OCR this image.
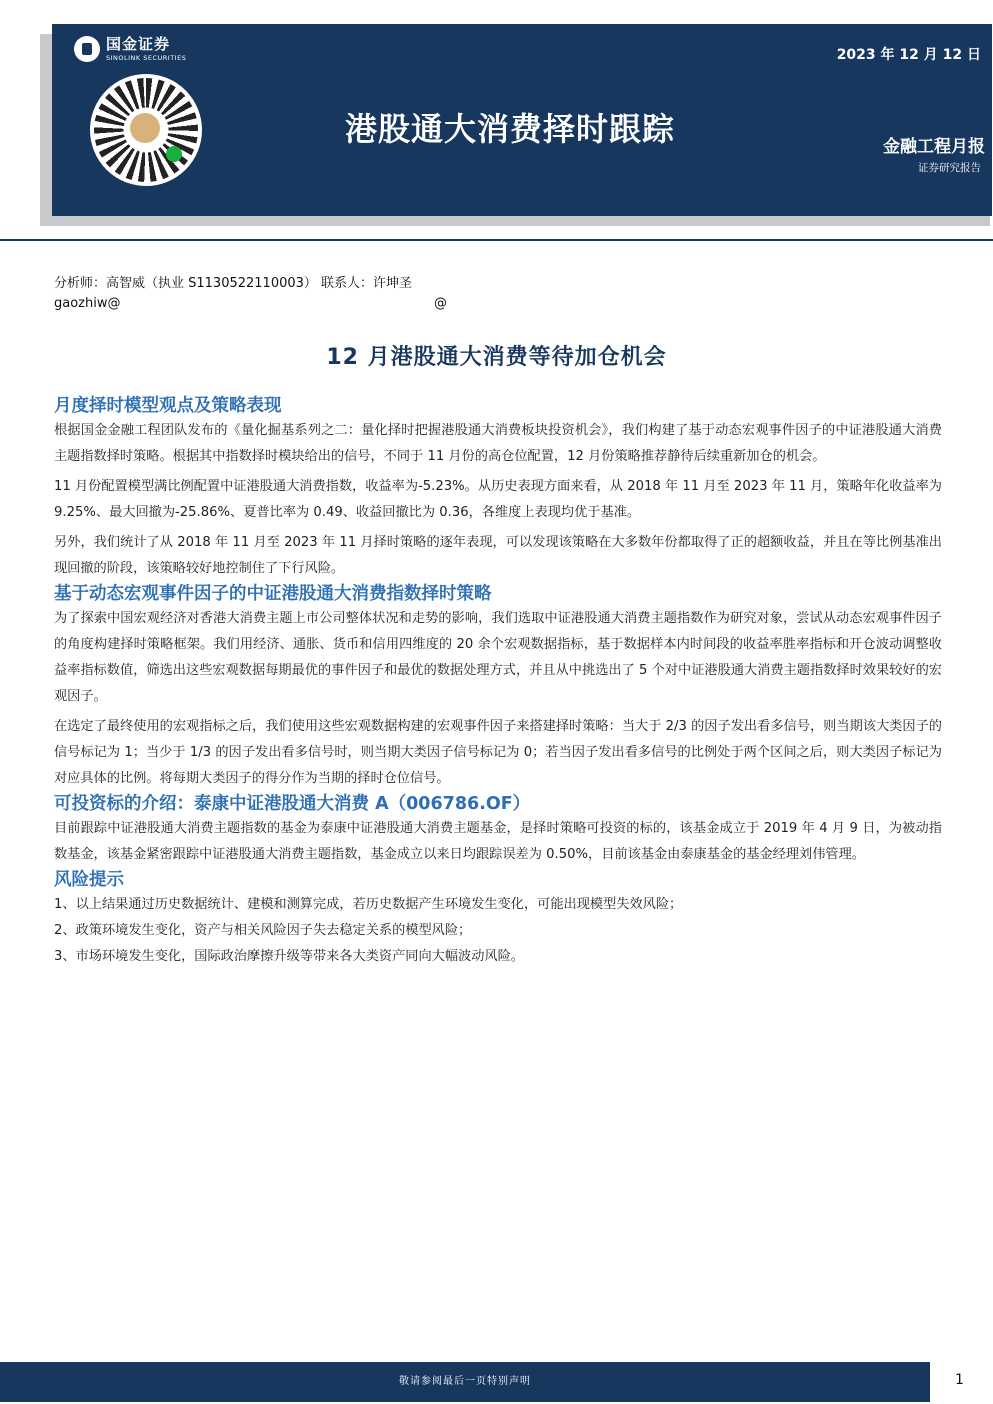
国金证券
SINOLINK SECURITIES	2023 年 12 月 12 日
港股通大消费择时跟踪	金融工程月报
证券研究报告
分析师：高智威（执业 S1130522110003） 联系人：许坤圣
gaozhiw@	@
12 月港股通大消费等待加仓机会
月度择时模型观点及策略表现

根据国金金融工程团队发布的《量化掘基系列之二：量化择时把握港股通大消费板块投资机会》，我们构建了基于动态宏观事件因子的中证港股通大消费主题指数择时策略。根据其中指数择时模块给出的信号，不同于 11 月份的高仓位配置，12 月份策略推荐静待后续重新加仓的机会。

11 月份配置模型满比例配置中证港股通大消费指数，收益率为-5.23%。从历史表现方面来看，从 2018 年 11 月至 2023 年 11 月，策略年化收益率为 9.25%、最大回撤为-25.86%、夏普比率为 0.49、收益回撤比为 0.36，各维度上表现均优于基准。

另外，我们统计了从 2018 年 11 月至 2023 年 11 月择时策略的逐年表现，可以发现该策略在大多数年份都取得了正的超额收益，并且在等比例基准出现回撤的阶段，该策略较好地控制住了下行风险。

基于动态宏观事件因子的中证港股通大消费指数择时策略

为了探索中国宏观经济对香港大消费主题上市公司整体状况和走势的影响，我们选取中证港股通大消费主题指数作为研究对象，尝试从动态宏观事件因子的角度构建择时策略框架。我们用经济、通胀、货币和信用四维度的 20 余个宏观数据指标，基于数据样本内时间段的收益率胜率指标和开仓波动调整收益率指标数值，筛选出这些宏观数据每期最优的事件因子和最优的数据处理方式，并且从中挑选出了 5 个对中证港股通大消费主题指数择时效果较好的宏观因子。

在选定了最终使用的宏观指标之后，我们使用这些宏观数据构建的宏观事件因子来搭建择时策略：当大于 2/3 的因子发出看多信号，则当期该大类因子的信号标记为 1；当少于 1/3 的因子发出看多信号时，则当期大类因子信号标记为 0；若当因子发出看多信号的比例处于两个区间之后，则大类因子标记为对应具体的比例。将每期大类因子的得分作为当期的择时仓位信号。

可投资标的介绍：泰康中证港股通大消费 A（006786.OF）

目前跟踪中证港股通大消费主题指数的基金为泰康中证港股通大消费主题基金，是择时策略可投资的标的，该基金成立于 2019 年 4 月 9 日，为被动指数基金，该基金紧密跟踪中证港股通大消费主题指数，基金成立以来日均跟踪误差为 0.50%，目前该基金由泰康基金的基金经理刘伟管理。

风险提示

1、以上结果通过历史数据统计、建模和测算完成，若历史数据产生环境发生变化，可能出现模型失效风险；

2、政策环境发生变化，资产与相关风险因子失去稳定关系的模型风险；

3、市场环境发生变化，国际政治摩擦升级等带来各大类资产同向大幅波动风险。

敬请参阅最后一页特别声明	1
